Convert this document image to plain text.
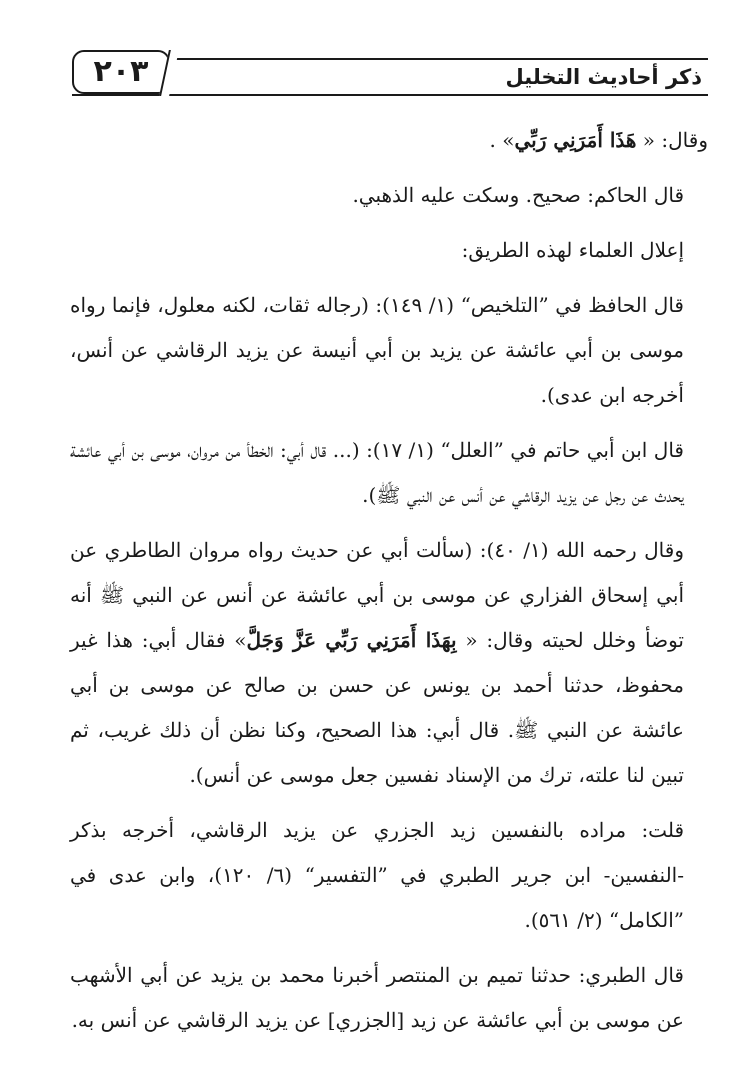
٢٠٣	ذكر أحاديث التخليل

وقال: « هَذَا أَمَرَنِي رَبِّي» .

قال الحاكم: صحيح. وسكت عليه الذهبي.

إعلال العلماء لهذه الطريق:

قال الحافظ في ”التلخيص“ (١/ ١٤٩): (رجاله ثقات، لكنه معلول، فإنما رواه موسى بن أبي عائشة عن يزيد بن أبي أنيسة عن يزيد الرقاشي عن أنس، أخرجه ابن عدى).

قال ابن أبي حاتم في ”العلل“ (١/ ١٧): (... قال أبي: الخطأ من مروان، موسى بن أبي عائشة يحدث عن رجل عن يزيد الرقاشي عن أنس عن النبي ﷺ).

وقال رحمه الله (١/ ٤٠): (سألت أبي عن حديث رواه مروان الطاطري عن أبي إسحاق الفزاري عن موسى بن أبي عائشة عن أنس عن النبي ﷺ أنه توضأ وخلل لحيته وقال: « بِهَذَا أَمَرَنِي رَبِّي عَزَّ وَجَلَّ» فقال أبي: هذا غير محفوظ، حدثنا أحمد بن يونس عن حسن بن صالح عن موسى بن أبي عائشة عن النبي ﷺ. قال أبي: هذا الصحيح، وكنا نظن أن ذلك غريب، ثم تبين لنا علته، ترك من الإسناد نفسين جعل موسى عن أنس).

قلت: مراده بالنفسين زيد الجزري عن يزيد الرقاشي، أخرجه بذكر -النفسين- ابن جرير الطبري في ”التفسير“ (٦/ ١٢٠)، وابن عدى في ”الكامل“ (٢/ ٥٦١).

قال الطبري: حدثنا تميم بن المنتصر أخبرنا محمد بن يزيد عن أبي الأشهب عن موسى بن أبي عائشة عن زيد [الجزري] عن يزيد الرقاشي عن أنس به.
